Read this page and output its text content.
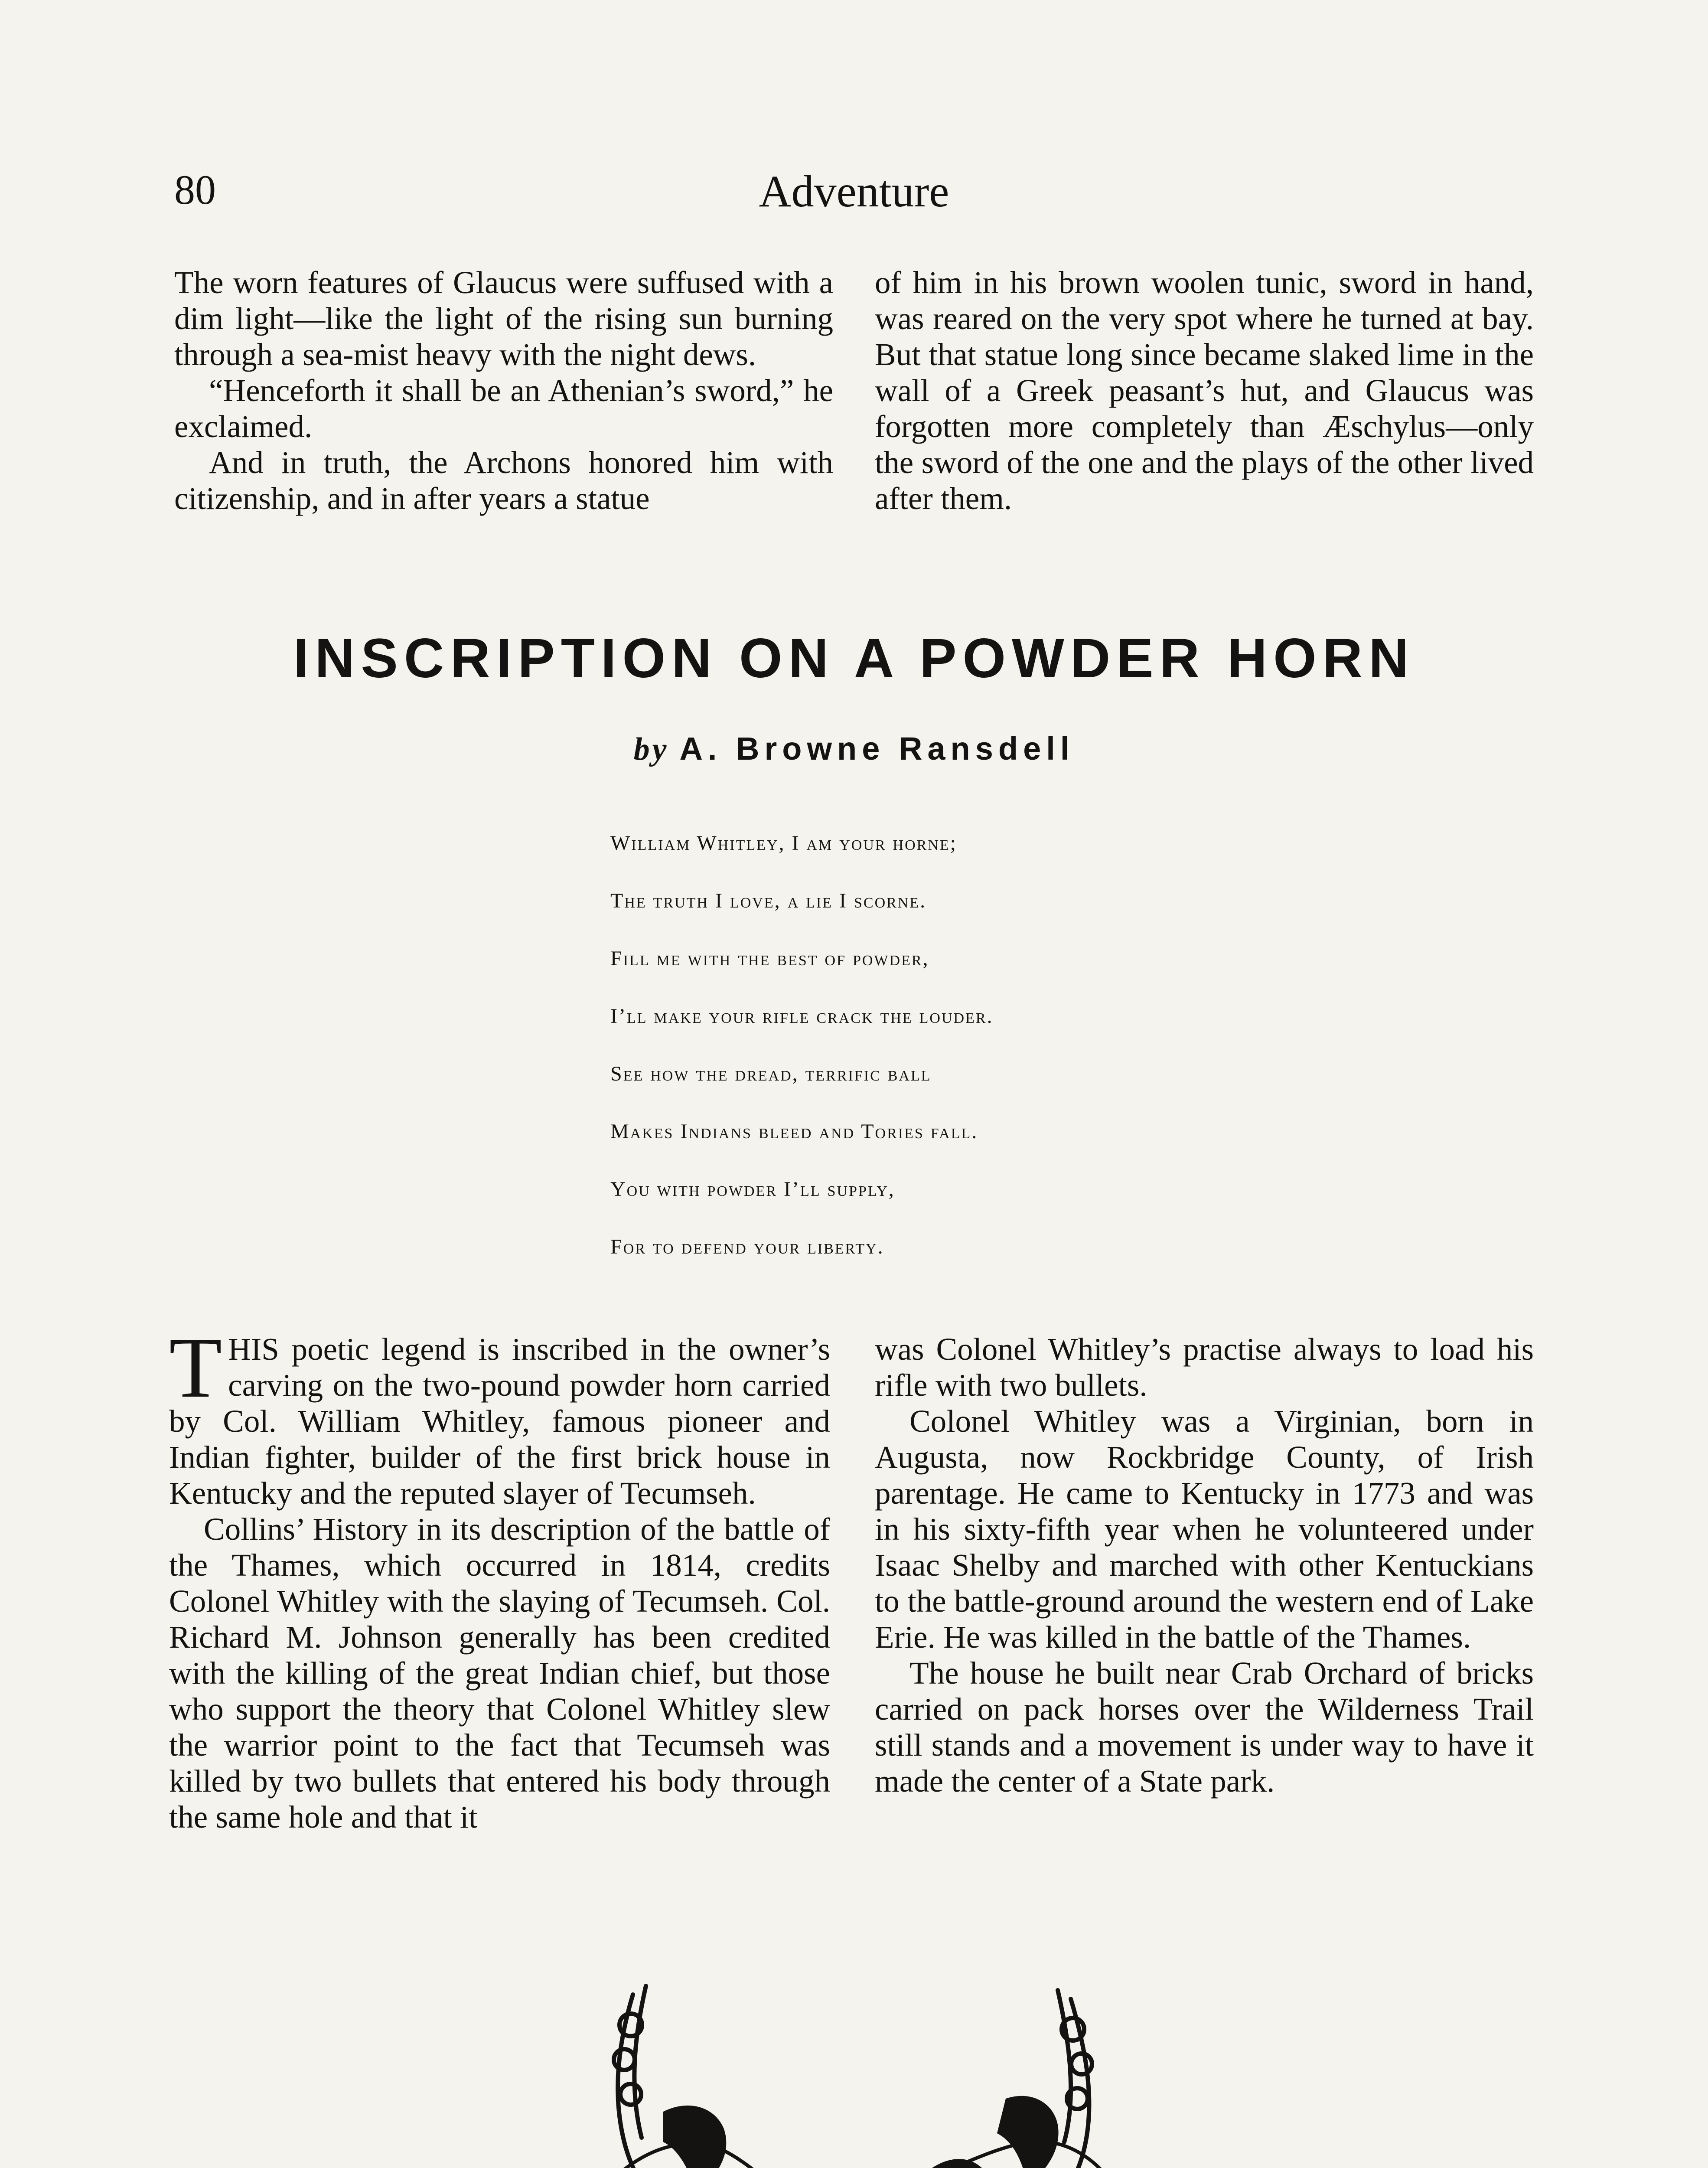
80	Adventure

The worn features of Glaucus were suffused with a dim light—like the light of the rising sun burning through a sea-mist heavy with the night dews.

“Henceforth it shall be an Athenian’s sword,” he exclaimed.

And in truth, the Archons honored him with citizenship, and in after years a statue

of him in his brown woolen tunic, sword in hand, was reared on the very spot where he turned at bay. But that statue long since became slaked lime in the wall of a Greek peasant’s hut, and Glaucus was forgotten more completely than Æschylus—only the sword of the one and the plays of the other lived after them.

INSCRIPTION ON A POWDER HORN
by A. Browne Ransdell
William Whitley, I am your horne;
The truth I love, a lie I scorne.
Fill me with the best of powder,
I’ll make your rifle crack the louder.
See how the dread, terrific ball
Makes Indians bleed and Tories fall.
You with powder I’ll supply,
For to defend your liberty.

THIS poetic legend is inscribed in the owner’s carving on the two-pound powder horn carried by Col. William Whitley, famous pioneer and Indian fighter, builder of the first brick house in Kentucky and the reputed slayer of Tecumseh.

Collins’ History in its description of the battle of the Thames, which occurred in 1814, credits Colonel Whitley with the slaying of Tecumseh. Col. Richard M. Johnson generally has been credited with the killing of the great Indian chief, but those who support the theory that Colonel Whitley slew the warrior point to the fact that Tecumseh was killed by two bullets that entered his body through the same hole and that it

was Colonel Whitley’s practise always to load his rifle with two bullets.

Colonel Whitley was a Virginian, born in Augusta, now Rockbridge County, of Irish parentage. He came to Kentucky in 1773 and was in his sixty-fifth year when he volunteered under Isaac Shelby and marched with other Kentuckians to the battle-ground around the western end of Lake Erie. He was killed in the battle of the Thames.

The house he built near Crab Orchard of bricks carried on pack horses over the Wilderness Trail still stands and a movement is under way to have it made the center of a State park.
